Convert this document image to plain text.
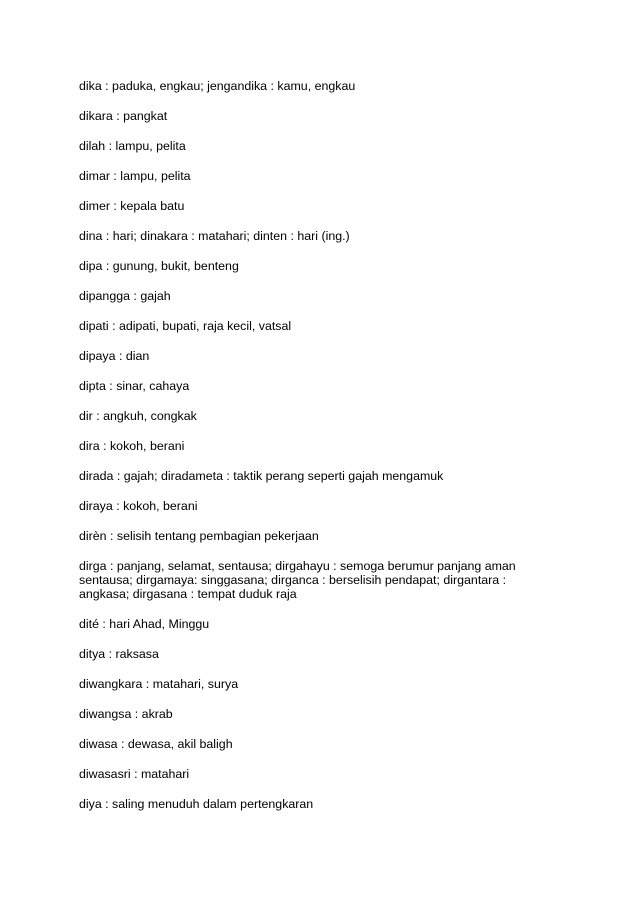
dika : paduka, engkau; jengandika : kamu, engkau
dikara : pangkat
dilah : lampu, pelita
dimar : lampu, pelita
dimer : kepala batu
dina : hari; dinakara : matahari; dinten : hari (ing.)
dipa : gunung, bukit, benteng
dipangga : gajah
dipati : adipati, bupati, raja kecil, vatsal
dipaya : dian
dipta : sinar, cahaya
dir : angkuh, congkak
dira : kokoh, berani
dirada : gajah; diradameta : taktik perang seperti gajah mengamuk
diraya : kokoh, berani
dirèn : selisih tentang pembagian pekerjaan
dirga : panjang, selamat, sentausa; dirgahayu : semoga berumur panjang aman
sentausa; dirgamaya: singgasana; dirganca : berselisih pendapat; dirgantara :
angkasa; dirgasana : tempat duduk raja
dité : hari Ahad, Minggu
ditya : raksasa
diwangkara : matahari, surya
diwangsa : akrab
diwasa : dewasa, akil baligh
diwasasri : matahari
diya : saling menuduh dalam pertengkaran
